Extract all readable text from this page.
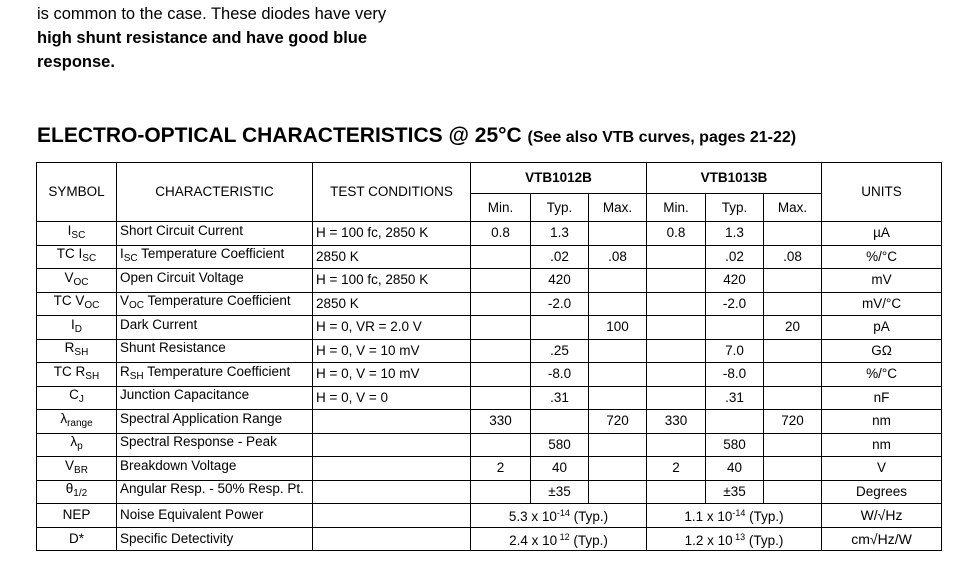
is common to the case. These diodes have very
high shunt resistance and have good blue
response.
ELECTRO-OPTICAL CHARACTERISTICS @ 25°C (See also VTB curves, pages 21-22)
SYMBOL	CHARACTERISTIC	TEST CONDITIONS	VTB1012B			VTB1013B			UNITS
			Min.	Typ.	Max.	Min.	Typ.	Max.	
$I_{SC}$	Short Circuit Current	H = 100 fc, 2850 K	0.8	1.3		0.8	1.3		µA
TC $I_{SC}$	$I_{SC}$ Temperature Coefficient	2850 K		.02	.08		.02	.08	%/°C
$V_{OC}$	Open Circuit Voltage	H = 100 fc, 2850 K		420			420		mV
TC $V_{OC}$	$V_{OC}$ Temperature Coefficient	2850 K		-2.0			-2.0		mV/°C
$I_D$	Dark Current	H = 0, VR = 2.0 V			100			20	pA
$R_{SH}$	Shunt Resistance	H = 0, V = 10 mV		.25			7.0		GΩ
TC $R_{SH}$	$R_{SH}$ Temperature Coefficient	H = 0, V = 10 mV		-8.0			-8.0		%/°C
$C_J$	Junction Capacitance	H = 0, V = 0		.31			.31		nF
$\lambda_{range}$	Spectral Application Range		330		720	330		720	nm
$\lambda_p$	Spectral Response - Peak			580			580		nm
$V_{BR}$	Breakdown Voltage		2	40		2	40		V
$\theta_{1/2}$	Angular Resp. - 50% Resp. Pt.			±35			±35		Degrees
NEP	Noise Equivalent Power		5.3 x $10^{-14}$ (Typ.)			1.1 x $10^{-14}$ (Typ.)			W/√Hz
D*	Specific Detectivity		2.4 x 10 $^{12}$ (Typ.)			1.2 x 10 $^{13}$ (Typ.)			cm√Hz/W
